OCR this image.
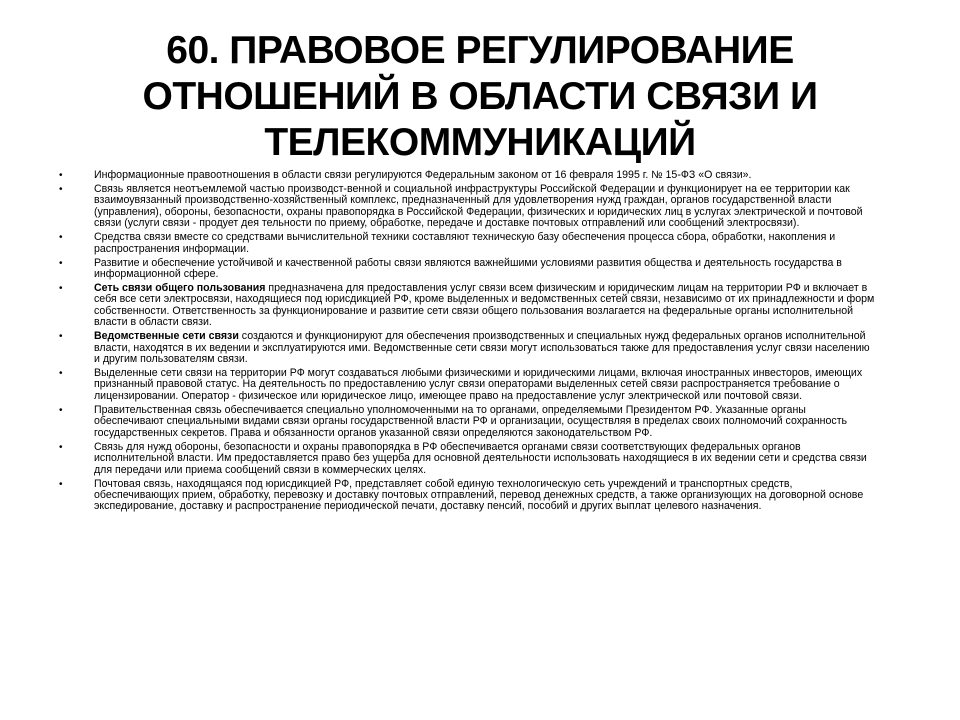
60. ПРАВОВОЕ РЕГУЛИРОВАНИЕ
ОТНОШЕНИЙ В ОБЛАСТИ СВЯЗИ И
ТЕЛЕКОММУНИКАЦИЙ
•	Информационные правоотношения в области связи регулируются Федеральным законом от 16 февраля 1995 г. № 15-ФЗ «О связи».
•	Связь является неотъемлемой частью производст-венной и социальной инфраструктуры Российской Федерации и функционирует на ее территории как взаимоувязанный производственно-хозяйственный комплекс, предназначенный для удовлетворения нужд граждан, органов государственной власти (управления), обороны, безопасности, охраны правопорядка в Российской Федерации, физических и юридических лиц в услугах электрической и почтовой связи (услуги связи - продует дея тельности по приему, обработке, передаче и доставке почтовых отправлений или сообщений электросвязи).
•	Средства связи вместе со средствами вычислительной техники составляют техническую базу обеспечения процесса сбора, обработки, накопления и распространения информации.
•	Развитие и обеспечение устойчивой и качественной работы связи являются важнейшими условиями развития общества и деятельность государства в информационной сфере.
•	Сеть связи общего пользования предназначена для предоставления услуг связи всем физическим и юридическим лицам на территории РФ и включает в себя все сети электросвязи, находящиеся под юрисдикцией РФ, кроме выделенных и ведомственных сетей связи, независимо от их принадлежности и форм собственности. Ответственность за функционирование и развитие сети связи общего пользования возлагается на федеральные органы исполнительной власти в области связи.
•	Ведомственные сети связи создаются и функционируют для обеспечения производственных и специальных нужд федеральных органов исполнительной власти, находятся в их ведении и эксплуатируются ими. Ведомственные сети связи могут использоваться также для предоставления услуг связи населению и другим пользователям связи.
•	Выделенные сети связи на территории РФ могут создаваться любыми физическими и юридическими лицами, включая иностранных инвесторов, имеющих признанный правовой статус. На деятельность по предоставлению услуг связи операторами выделенных сетей связи распространяется требование о лицензировании. Оператор - физическое или юридическое лицо, имеющее право на предоставление услуг электрической или почтовой связи.
•	Правительственная связь обеспечивается специально уполномоченными на то органами, определяемыми Президентом РФ. Указанные органы обеспечивают специальными видами связи органы государственной власти РФ и организации, осуществляя в пределах своих полномочий сохранность государственных секретов. Права и обязанности органов указанной связи определяются законодательством РФ.
•	Связь для нужд обороны, безопасности и охраны правопорядка в РФ обеспечивается органами связи соответствующих федеральных органов исполнительной власти. Им предоставляется право без ущерба для основной деятельности использовать находящиеся в их ведении сети и средства связи для передачи или приема сообщений связи в коммерческих целях.
•	Почтовая связь, находящаяся под юрисдикцией РФ, представляет собой единую технологическую сеть учреждений и транспортных средств, обеспечивающих прием, обработку, перевозку и доставку почтовых отправлений, перевод денежных средств, а также организующих на договорной основе экспедирование, доставку и распространение периодической печати, доставку пенсий, пособий и других выплат целевого назначения.
